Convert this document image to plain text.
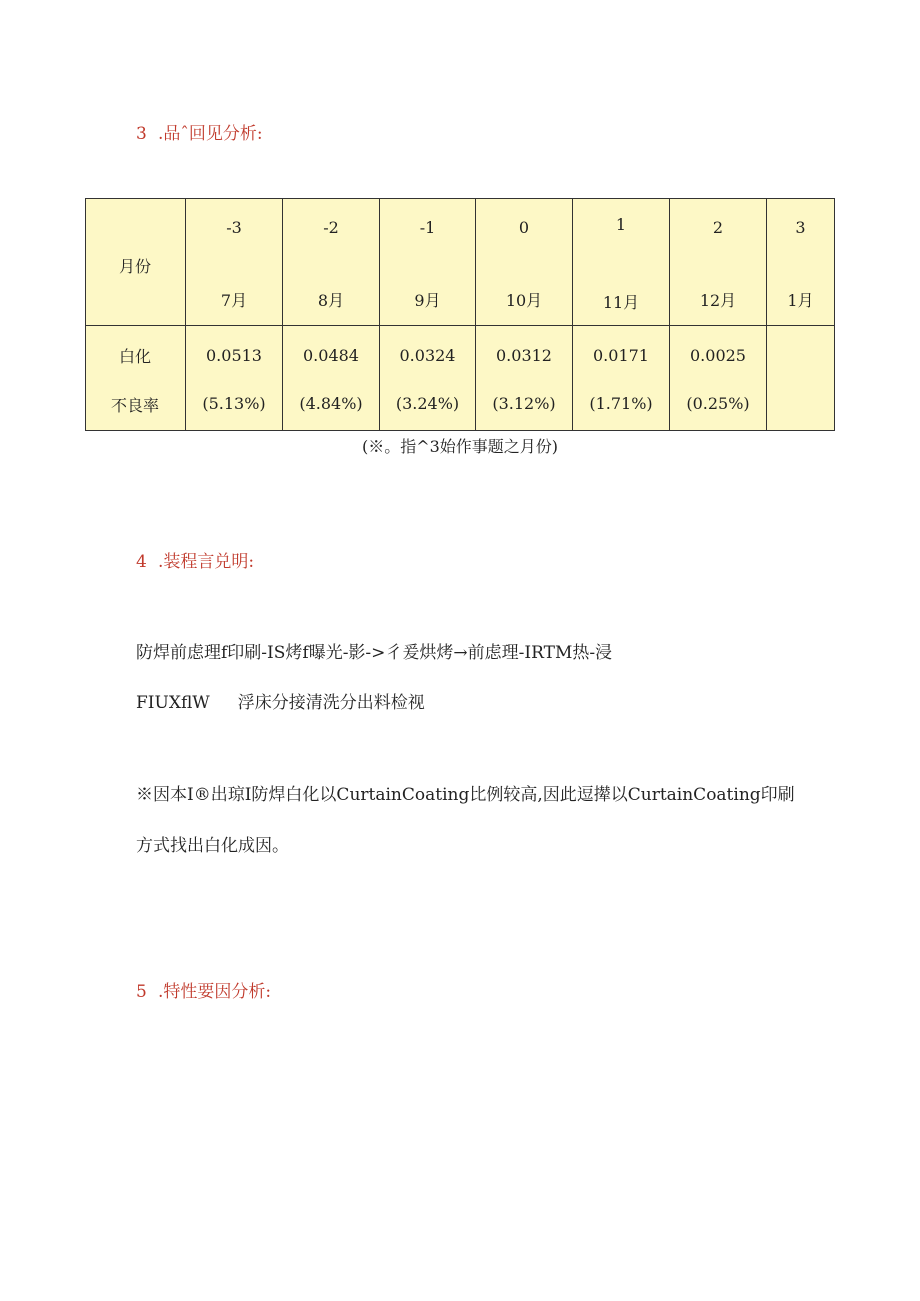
3 .品ˆ回见分析:
月份
-3
7月
-2
8月
-1
9月
0
10月
1
11月
2
12月
3
1月
白化
不良率
0.0513
(5.13%)
0.0484
(4.84%)
0.0324
(3.24%)
0.0312
(3.12%)
0.0171
(1.71%)
0.0025
(0.25%)
(※。指^3始作事题之月份)
4 .装程言兑明:
防焊前虑理f印刷-IS烤f曝光-影->彳爰烘烤→前虑理-IRTM热-浸
FIUXflW 浮床分接清洗分出料检视
※因本I®出琼I防焊白化以CurtainCoating比例较高,因此逗撵以CurtainCoating印刷
方式找出白化成因。
5 .特性要因分析:
